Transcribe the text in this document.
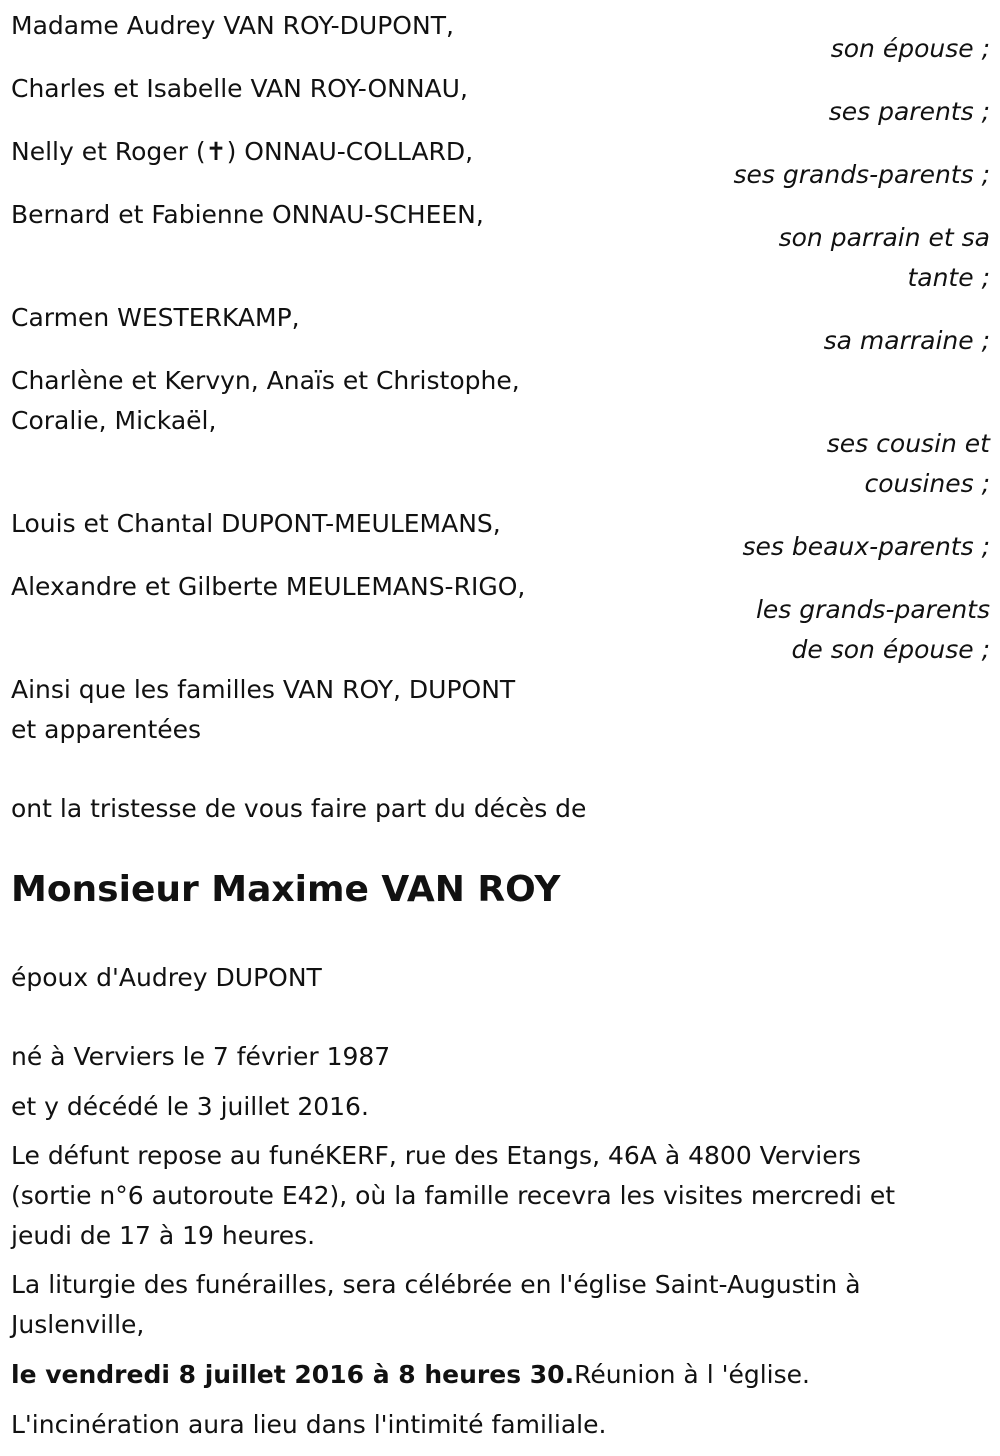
Madame Audrey VAN ROY-DUPONT,
son épouse ;
Charles et Isabelle VAN ROY-ONNAU,
ses parents ;
Nelly et Roger (✝) ONNAU-COLLARD,
ses grands-parents ;
Bernard et Fabienne ONNAU-SCHEEN,
son parrain et sa
tante ;
Carmen WESTERKAMP,
sa marraine ;
Charlène et Kervyn, Anaïs et Christophe,
Coralie, Mickaël,
ses cousin et
cousines ;
Louis et Chantal DUPONT-MEULEMANS,
ses beaux-parents ;
Alexandre et Gilberte MEULEMANS-RIGO,
les grands-parents
de son épouse ;
Ainsi que les familles VAN ROY, DUPONT
et apparentées
ont la tristesse de vous faire part du décès de
Monsieur Maxime VAN ROY
époux d'Audrey DUPONT
né à Verviers le 7 février 1987
et y décédé le 3 juillet 2016.
Le défunt repose au funéKERF, rue des Etangs, 46A à 4800 Verviers
(sortie n°6 autoroute E42), où la famille recevra les visites mercredi et
jeudi de 17 à 19 heures.
La liturgie des funérailles, sera célébrée en l'église Saint-Augustin à
Juslenville,
le vendredi 8 juillet 2016 à 8 heures 30.Réunion à l 'église.
L'incinération aura lieu dans l'intimité familiale.
